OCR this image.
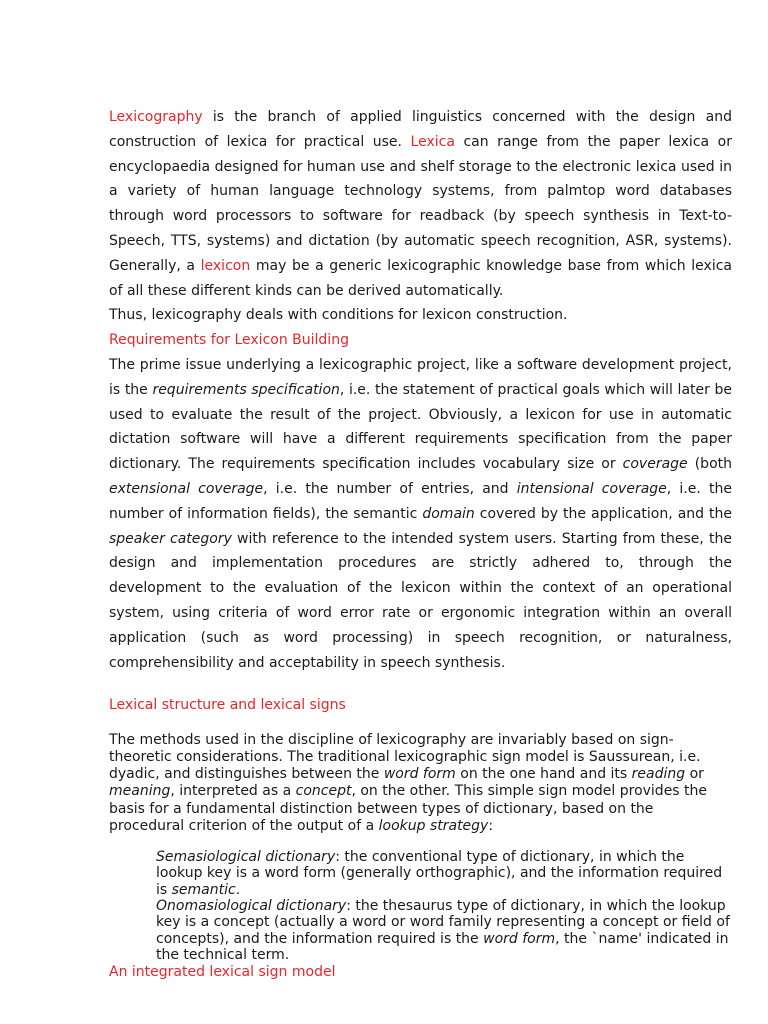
Lexicography is the branch of applied linguistics concerned with the design and construction of lexica for practical use. Lexica can range from the paper lexica or encyclopaedia designed for human use and shelf storage to the electronic lexica used in a variety of human language technology systems, from palmtop word databases through word processors to software for readback (by speech synthesis in Text-to-Speech, TTS, systems) and dictation (by automatic speech recognition, ASR, systems). Generally, a lexicon may be a generic lexicographic knowledge base from which lexica of all these different kinds can be derived automatically.

Thus, lexicography deals with conditions for lexicon construction.

Requirements for Lexicon Building

The prime issue underlying a lexicographic project, like a software development project, is the requirements specification, i.e. the statement of practical goals which will later be used to evaluate the result of the project. Obviously, a lexicon for use in automatic dictation software will have a different requirements specification from the paper dictionary. The requirements specification includes vocabulary size or coverage (both extensional coverage, i.e. the number of entries, and intensional coverage, i.e. the number of information fields), the semantic domain covered by the application, and the speaker category with reference to the intended system users. Starting from these, the design and implementation procedures are strictly adhered to, through the development to the evaluation of the lexicon within the context of an operational system, using criteria of word error rate or ergonomic integration within an overall application (such as word processing) in speech recognition, or naturalness, comprehensibility and acceptability in speech synthesis.

Lexical structure and lexical signs

The methods used in the discipline of lexicography are invariably based on sign-theoretic considerations. The traditional lexicographic sign model is Saussurean, i.e. dyadic, and distinguishes between the word form on the one hand and its reading or meaning, interpreted as a concept, on the other. This simple sign model provides the basis for a fundamental distinction between types of dictionary, based on the procedural criterion of the output of a lookup strategy:

Semasiological dictionary: the conventional type of dictionary, in which the lookup key is a word form (generally orthographic), and the information required is semantic.

Onomasiological dictionary: the thesaurus type of dictionary, in which the lookup key is a concept (actually a word or word family representing a concept or field of concepts), and the information required is the word form, the `name' indicated in the technical term.

An integrated lexical sign model
